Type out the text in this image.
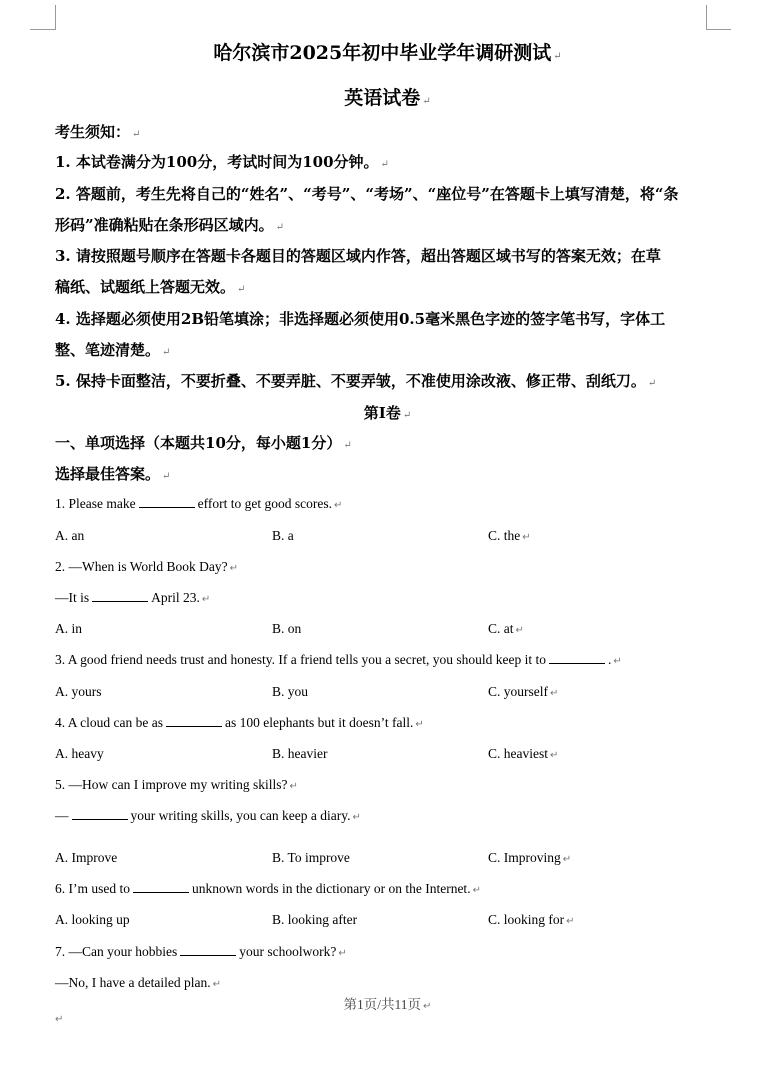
哈尔滨市2025年初中毕业学年调研测试 ↵
英语试卷 ↵
考生须知： ↵
1. 本试卷满分为100分，考试时间为100分钟。 ↵
2. 答题前，考生先将自己的“姓名”、“考号”、“考场”、“座位号”在答题卡上填写清楚，将“条
形码”准确粘贴在条形码区域内。 ↵
3. 请按照题号顺序在答题卡各题目的答题区域内作答，超出答题区域书写的答案无效；在草
稿纸、试题纸上答题无效。 ↵
4. 选择题必须使用2B铅笔填涂；非选择题必须使用0.5毫米黑色字迹的签字笔书写，字体工
整、笔迹清楚。 ↵
5. 保持卡面整洁，不要折叠、不要弄脏、不要弄皱，不准使用涂改液、修正带、刮纸刀。 ↵
第Ⅰ卷 ↵
一、单项选择（本题共10分，每小题1分） ↵
选择最佳答案。 ↵
1. Please make	effort to get good scores. ↵
A. an	B. a	C. the ↵
2. —When is World Book Day? ↵
—It is	April 23. ↵
A. in	B. on	C. at ↵
3. A good friend needs trust and honesty. If a friend tells you a secret, you should keep it to	. ↵
A. yours	B. you	C. yourself ↵
4. A cloud can be as	as 100 elephants but it doesn’t fall. ↵
A. heavy	B. heavier	C. heaviest ↵
5. —How can I improve my writing skills? ↵
—	your writing skills, you can keep a diary. ↵
A. Improve	B. To improve	C. Improving ↵
6. I’m used to	unknown words in the dictionary or on the Internet. ↵
A. looking up	B. looking after	C. looking for ↵
7. —Can your hobbies	your schoolwork? ↵
—No, I have a detailed plan. ↵
第1页/共11页 ↵
↵
